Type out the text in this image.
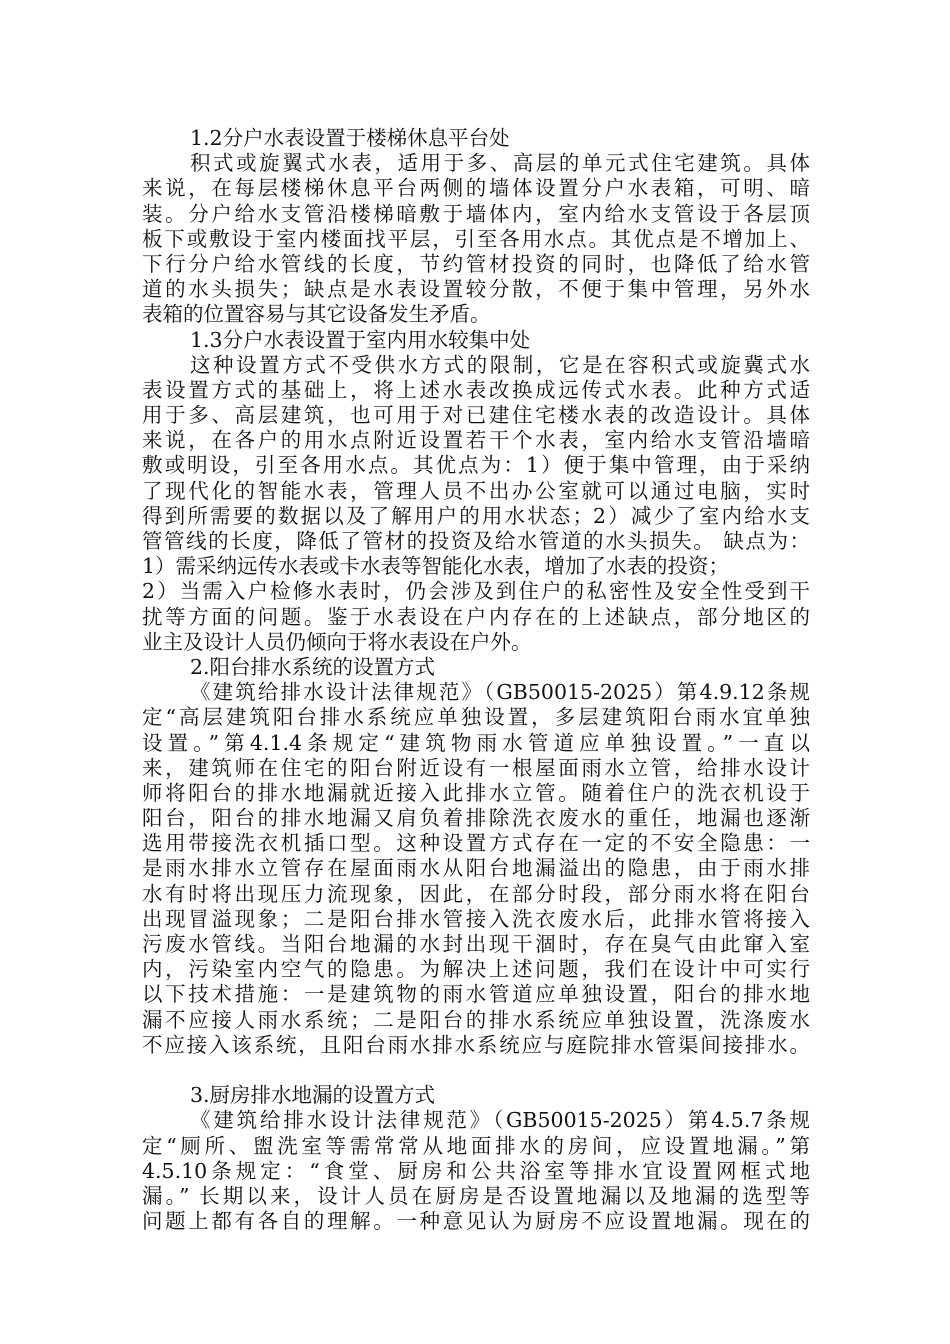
1.2分户水表设置于楼梯休息平台处
积式或旋翼式水表，适用于多、高层的单元式住宅建筑。具体
来说，在每层楼梯休息平台两侧的墙体设置分户水表箱，可明、暗
装。分户给水支管沿楼梯暗敷于墙体内，室内给水支管设于各层顶
板下或敷设于室内楼面找平层，引至各用水点。其优点是不增加上、
下行分户给水管线的长度，节约管材投资的同时，也降低了给水管
道的水头损失；缺点是水表设置较分散，不便于集中管理，另外水
表箱的位置容易与其它设备发生矛盾。
1.3分户水表设置于室内用水较集中处
这种设置方式不受供水方式的限制，它是在容积式或旋冀式水
表设置方式的基础上，将上述水表改换成远传式水表。此种方式适
用于多、高层建筑，也可用于对已建住宅楼水表的改造设计。具体
来说，在各户的用水点附近设置若干个水表，室内给水支管沿墙暗
敷或明设，引至各用水点。其优点为：1）便于集中管理，由于采纳
了现代化的智能水表，管理人员不出办公室就可以通过电脑，实时
得到所需要的数据以及了解用户的用水状态；2）减少了室内给水支
管管线的长度，降低了管材的投资及给水管道的水头损失。 缺点为：
1）需采纳远传水表或卡水表等智能化水表，增加了水表的投资；
2）当需入户检修水表时，仍会涉及到住户的私密性及安全性受到干
扰等方面的问题。鉴于水表设在户内存在的上述缺点，部分地区的
业主及设计人员仍倾向于将水表设在户外。
2.阳台排水系统的设置方式
《建筑给排水设计法律规范》（GB50015-2025）第4.9.12条规
定“高层建筑阳台排水系统应单独设置，多层建筑阳台雨水宜单独
设置。”第4.1.4条规定“建筑物雨水管道应单独设置。”一直以
来，建筑师在住宅的阳台附近设有一根屋面雨水立管，给排水设计
师将阳台的排水地漏就近接入此排水立管。随着住户的洗衣机设于
阳台，阳台的排水地漏又肩负着排除洗衣废水的重任，地漏也逐渐
选用带接洗衣机插口型。这种设置方式存在一定的不安全隐患：一
是雨水排水立管存在屋面雨水从阳台地漏溢出的隐患，由于雨水排
水有时将出现压力流现象，因此，在部分时段，部分雨水将在阳台
出现冒溢现象；二是阳台排水管接入洗衣废水后，此排水管将接入
污废水管线。当阳台地漏的水封出现干涸时，存在臭气由此窜入室
内，污染室内空气的隐患。为解决上述问题，我们在设计中可实行
以下技术措施：一是建筑物的雨水管道应单独设置，阳台的排水地
漏不应接人雨水系统；二是阳台的排水系统应单独设置，洗涤废水
不应接入该系统，且阳台雨水排水系统应与庭院排水管渠间接排水。
3.厨房排水地漏的设置方式
《建筑给排水设计法律规范》（GB50015-2025）第4.5.7条规
定“厕所、盥洗室等需常常从地面排水的房间，应设置地漏。”第
4.5.10条规定：“食堂、厨房和公共浴室等排水宜设置网框式地
漏。” 长期以来，设计人员在厨房是否设置地漏以及地漏的选型等
问题上都有各自的理解。一种意见认为厨房不应设置地漏。现在的
